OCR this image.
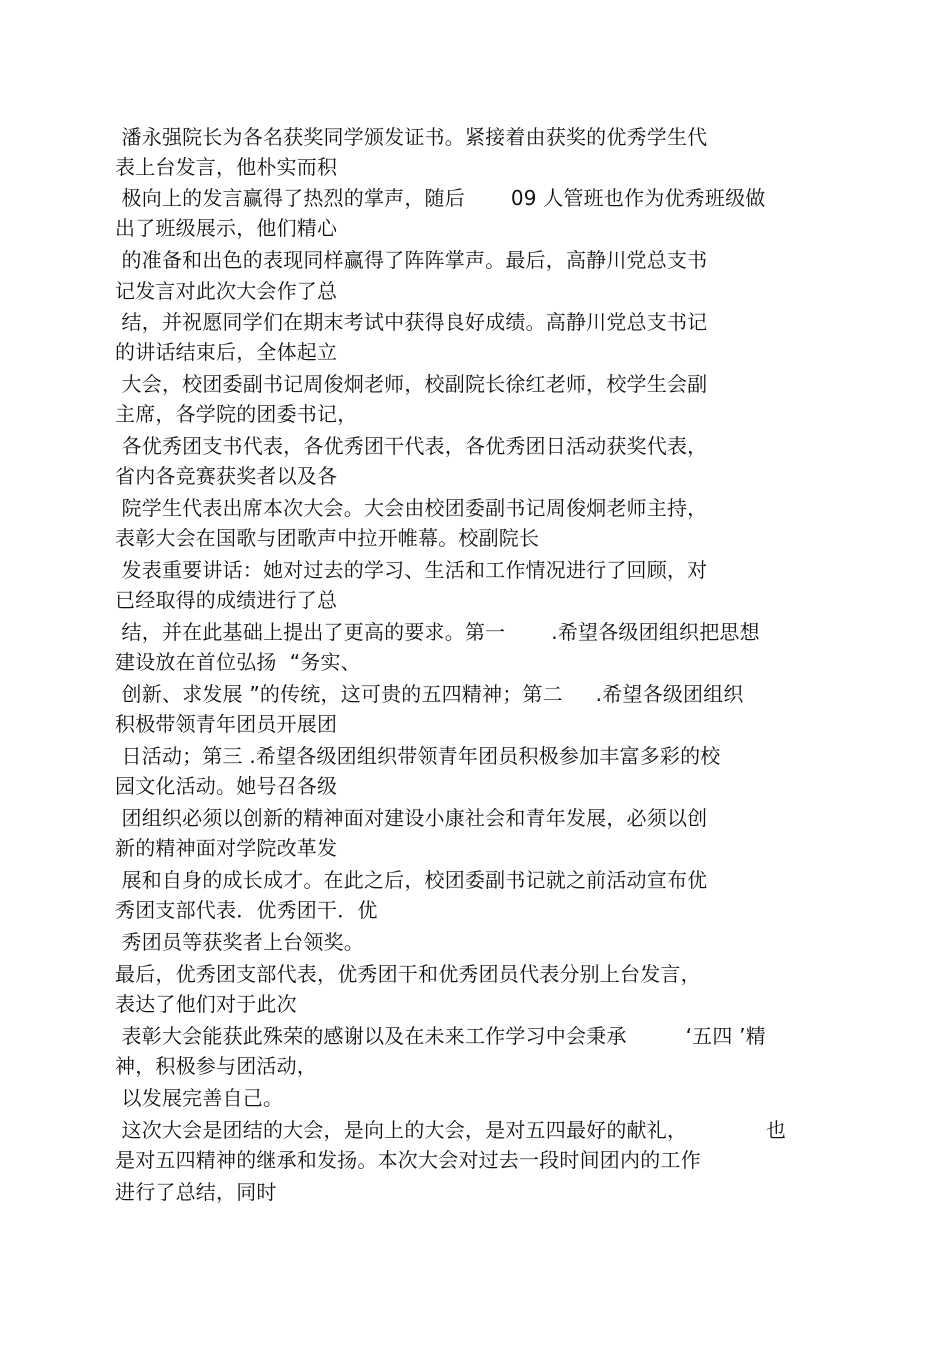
潘永强院长为各名获奖同学颁发证书。紧接着由获奖的优秀学生代
表上台发言，他朴实而积
极向上的发言赢得了热烈的掌声，随后       09 人管班也作为优秀班级做
出了班级展示，他们精心
的准备和出色的表现同样赢得了阵阵掌声。最后，高静川党总支书
记发言对此次大会作了总
结，并祝愿同学们在期末考试中获得良好成绩。高静川党总支书记
的讲话结束后，全体起立
大会，校团委副书记周俊炯老师，校副院长徐红老师，校学生会副
主席，各学院的团委书记，
各优秀团支书代表，各优秀团干代表，各优秀团日活动获奖代表，
省内各竞赛获奖者以及各
院学生代表出席本次大会。大会由校团委副书记周俊炯老师主持，
表彰大会在国歌与团歌声中拉开帷幕。校副院长
发表重要讲话：她对过去的学习、生活和工作情况进行了回顾，对
已经取得的成绩进行了总
结，并在此基础上提出了更高的要求。第一       .希望各级团组织把思想
建设放在首位弘扬  “务实、
创新、求发展 ”的传统，这可贵的五四精神；第二     .希望各级团组织
积极带领青年团员开展团
日活动；第三 .希望各级团组织带领青年团员积极参加丰富多彩的校
园文化活动。她号召各级
团组织必须以创新的精神面对建设小康社会和青年发展，必须以创
新的精神面对学院改革发
展和自身的成长成才。在此之后，校团委副书记就之前活动宣布优
秀团支部代表．优秀团干．优
秀团员等获奖者上台领奖。
最后，优秀团支部代表，优秀团干和优秀团员代表分别上台发言，
表达了他们对于此次
表彰大会能获此殊荣的感谢以及在未来工作学习中会秉承         ‘五四 ’精
神，积极参与团活动，
以发展完善自己。
这次大会是团结的大会，是向上的大会，是对五四最好的献礼，            也
是对五四精神的继承和发扬。本次大会对过去一段时间团内的工作
进行了总结，同时
